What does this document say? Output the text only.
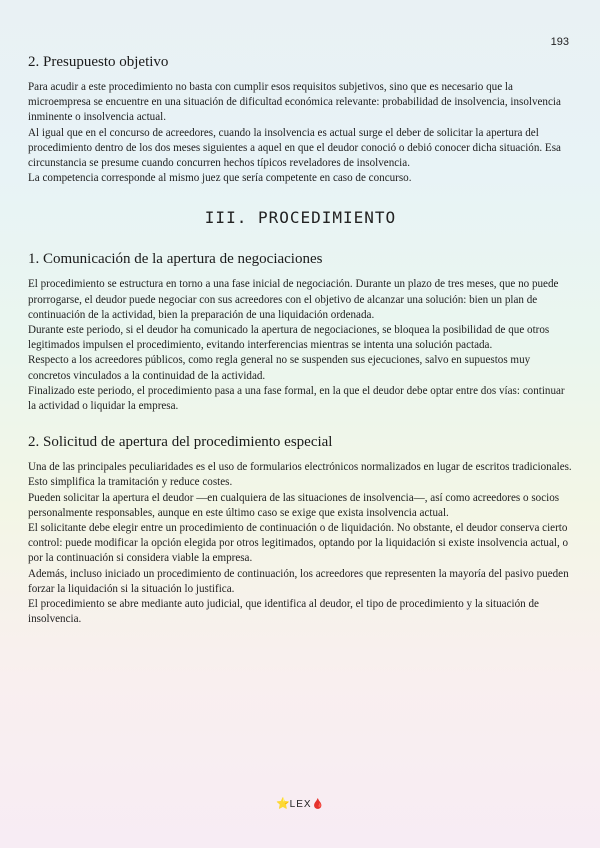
193
2. Presupuesto objetivo

Para acudir a este procedimiento no basta con cumplir esos requisitos subjetivos, sino que es necesario que la microempresa se encuentre en una situación de dificultad económica relevante: probabilidad de insolvencia, insolvencia inminente o insolvencia actual.

Al igual que en el concurso de acreedores, cuando la insolvencia es actual surge el deber de solicitar la apertura del procedimiento dentro de los dos meses siguientes a aquel en que el deudor conoció o debió conocer dicha situación. Esa circunstancia se presume cuando concurren hechos típicos reveladores de insolvencia.

La competencia corresponde al mismo juez que sería competente en caso de concurso.

III. PROCEDIMIENTO
1. Comunicación de la apertura de negociaciones

El procedimiento se estructura en torno a una fase inicial de negociación. Durante un plazo de tres meses, que no puede prorrogarse, el deudor puede negociar con sus acreedores con el objetivo de alcanzar una solución: bien un plan de continuación de la actividad, bien la preparación de una liquidación ordenada.

Durante este periodo, si el deudor ha comunicado la apertura de negociaciones, se bloquea la posibilidad de que otros legitimados impulsen el procedimiento, evitando interferencias mientras se intenta una solución pactada.

Respecto a los acreedores públicos, como regla general no se suspenden sus ejecuciones, salvo en supuestos muy concretos vinculados a la continuidad de la actividad.

Finalizado este periodo, el procedimiento pasa a una fase formal, en la que el deudor debe optar entre dos vías: continuar la actividad o liquidar la empresa.

2. Solicitud de apertura del procedimiento especial

Una de las principales peculiaridades es el uso de formularios electrónicos normalizados en lugar de escritos tradicionales. Esto simplifica la tramitación y reduce costes.

Pueden solicitar la apertura el deudor —en cualquiera de las situaciones de insolvencia—, así como acreedores o socios personalmente responsables, aunque en este último caso se exige que exista insolvencia actual.

El solicitante debe elegir entre un procedimiento de continuación o de liquidación. No obstante, el deudor conserva cierto control: puede modificar la opción elegida por otros legitimados, optando por la liquidación si existe insolvencia actual, o por la continuación si considera viable la empresa.

Además, incluso iniciado un procedimiento de continuación, los acreedores que representen la mayoría del pasivo pueden forzar la liquidación si la situación lo justifica.

El procedimiento se abre mediante auto judicial, que identifica al deudor, el tipo de procedimiento y la situación de insolvencia.

⭐LEX🩸
